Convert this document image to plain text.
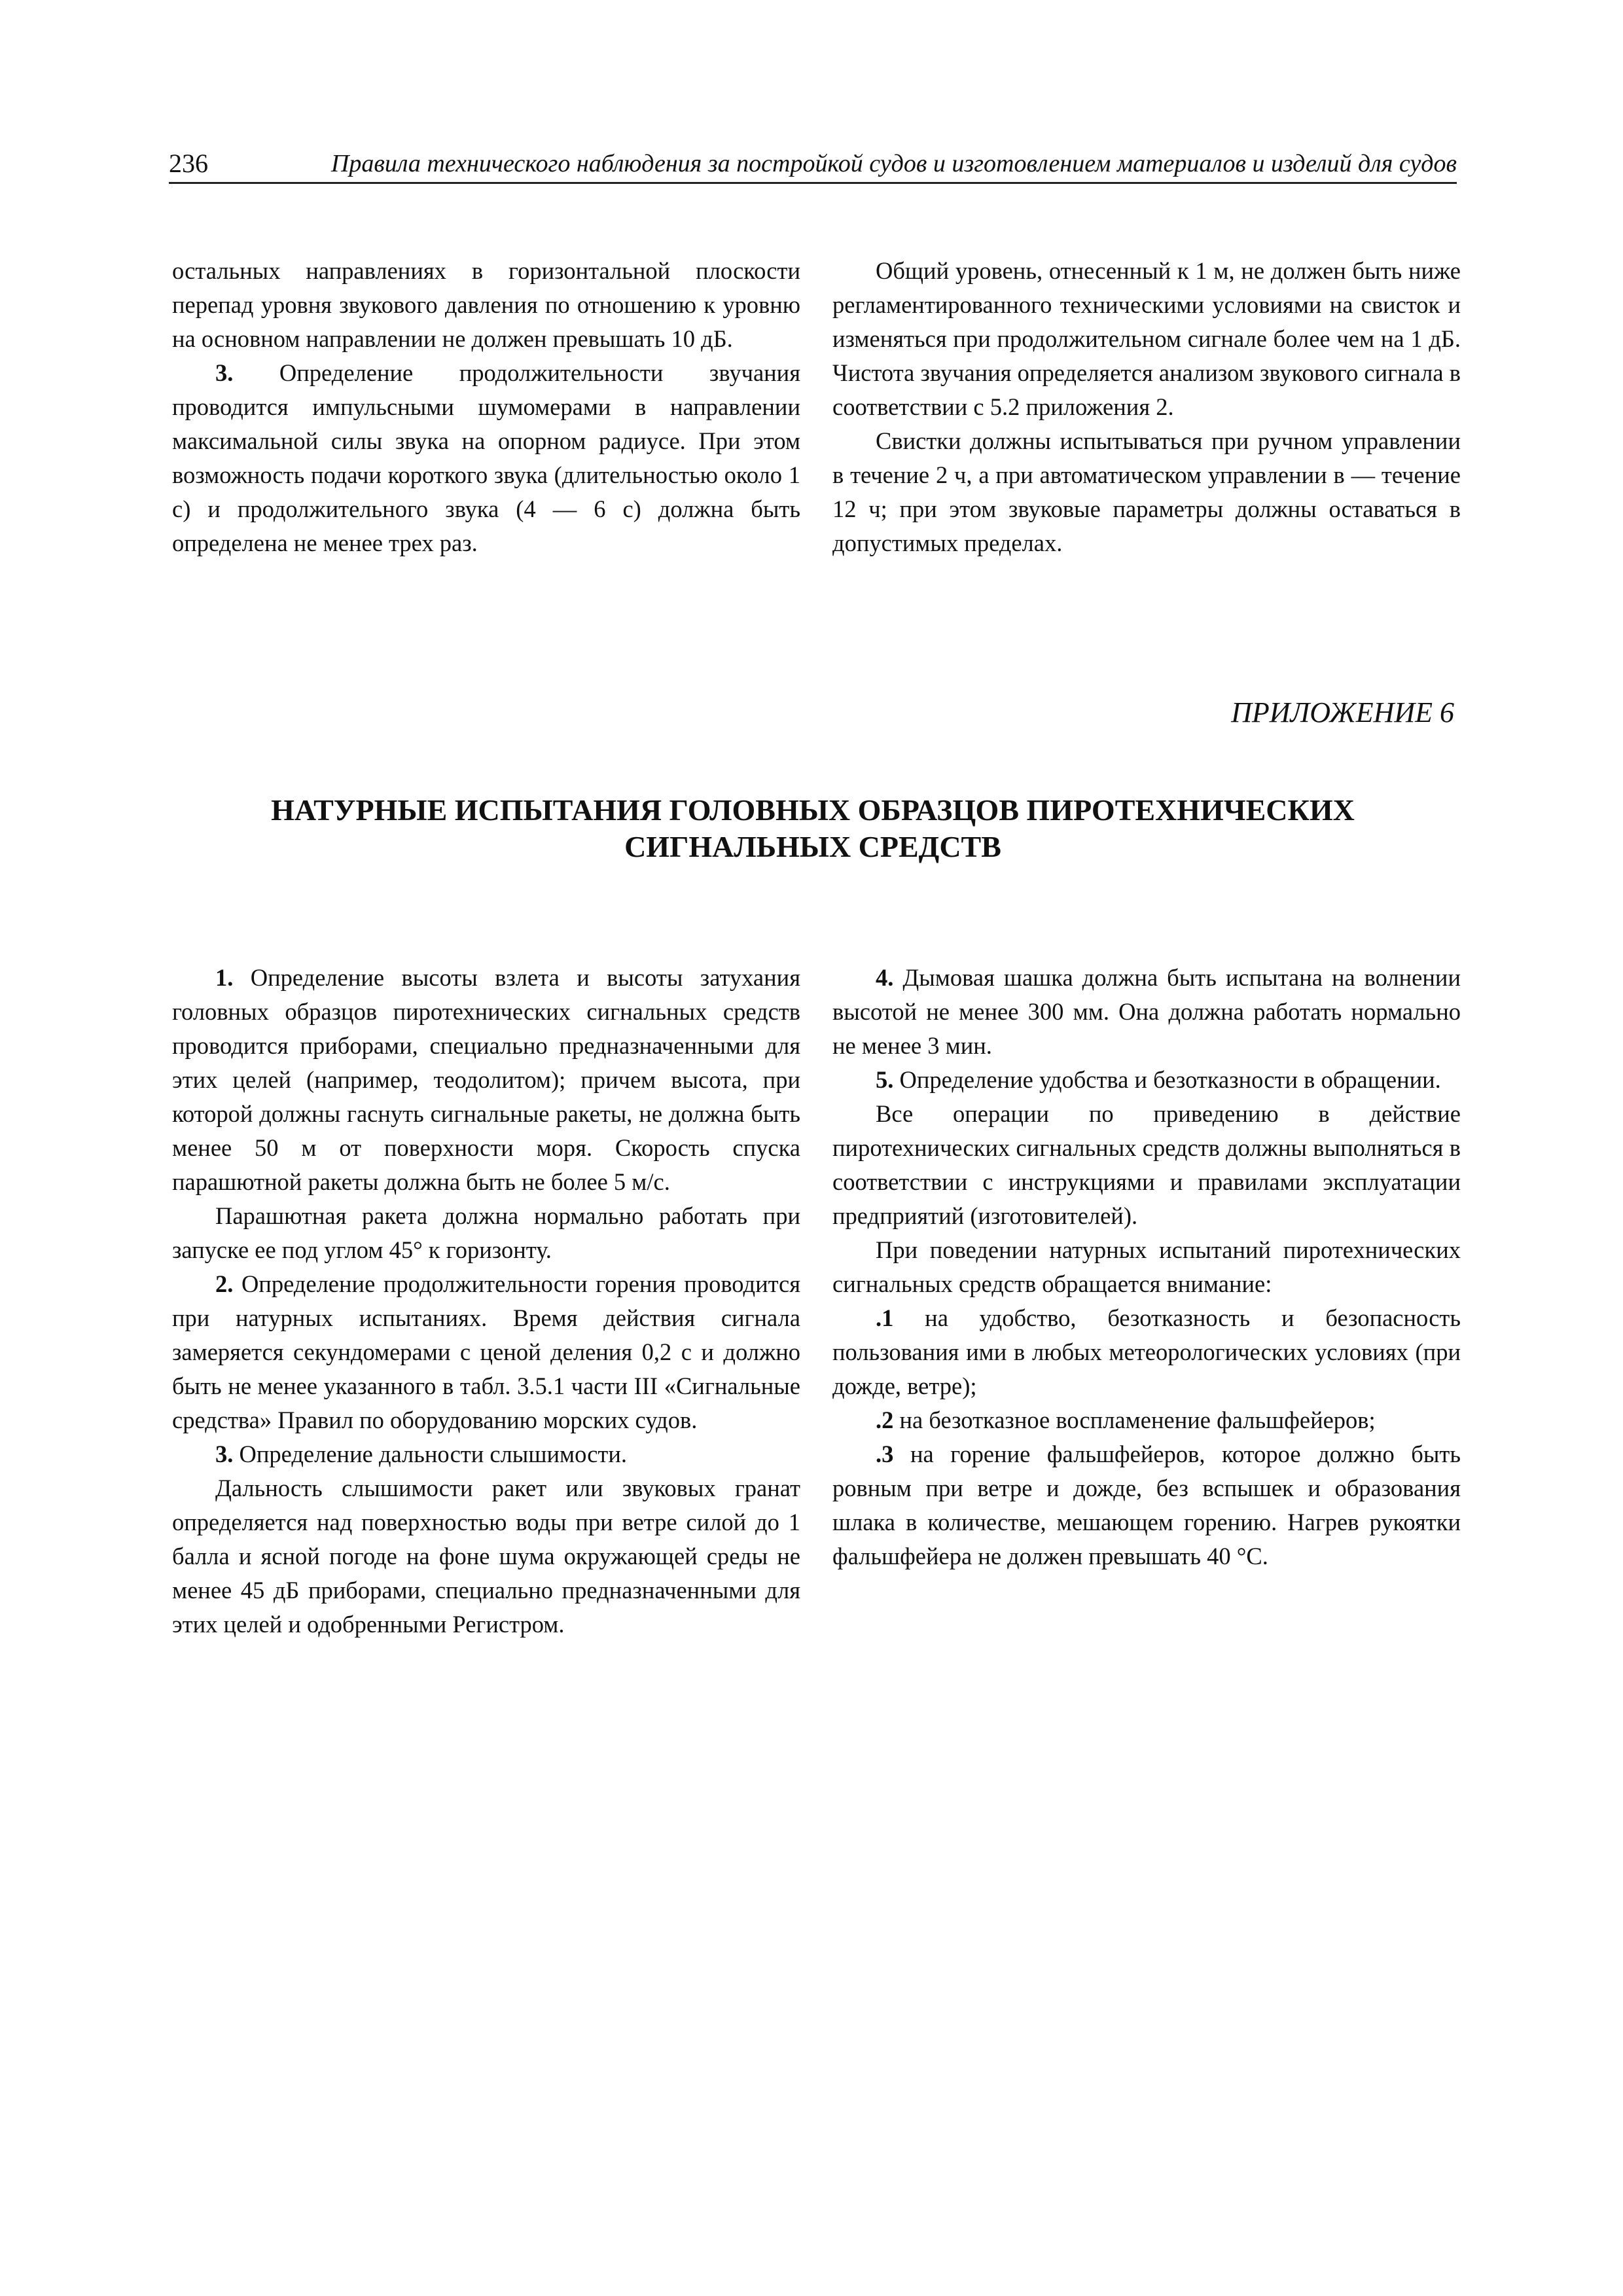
236	Правила технического наблюдения за постройкой судов и изготовлением материалов и изделий для судов

остальных направлениях в горизонтальной плоскости перепад уровня звукового давления по отношению к уровню на основном направлении не должен превышать 10 дБ.

3. Определение продолжительности звучания проводится импульсными шумомерами в направлении максимальной силы звука на опорном радиусе. При этом возможность подачи короткого звука (длительностью около 1 с) и продолжительного звука (4 — 6 с) должна быть определена не менее трех раз.

Общий уровень, отнесенный к 1 м, не должен быть ниже регламентированного техническими условиями на свисток и изменяться при продолжительном сигнале более чем на 1 дБ. Чистота звучания определяется анализом звукового сигнала в соответствии с 5.2 приложения 2.

Свистки должны испытываться при ручном управлении в течение 2 ч, а при автоматическом управлении в — течение 12 ч; при этом звуковые параметры должны оставаться в допустимых пределах.

ПРИЛОЖЕНИЕ 6
НАТУРНЫЕ ИСПЫТАНИЯ ГОЛОВНЫХ ОБРАЗЦОВ ПИРОТЕХНИЧЕСКИХ
СИГНАЛЬНЫХ СРЕДСТВ

1. Определение высоты взлета и высоты затухания головных образцов пиротехнических сигнальных средств проводится приборами, специально предназначенными для этих целей (например, теодолитом); причем высота, при которой должны гаснуть сигнальные ракеты, не должна быть менее 50 м от поверхности моря. Скорость спуска парашютной ракеты должна быть не более 5 м/с.

Парашютная ракета должна нормально работать при запуске ее под углом 45° к горизонту.

2. Определение продолжительности горения проводится при натурных испытаниях. Время действия сигнала замеряется секундомерами с ценой деления 0,2 с и должно быть не менее указанного в табл. 3.5.1 части III «Сигнальные средства» Правил по оборудованию морских судов.

3. Определение дальности слышимости.

Дальность слышимости ракет или звуковых гранат определяется над поверхностью воды при ветре силой до 1 балла и ясной погоде на фоне шума окружающей среды не менее 45 дБ приборами, специально предназначенными для этих целей и одобренными Регистром.

4. Дымовая шашка должна быть испытана на волнении высотой не менее 300 мм. Она должна работать нормально не менее 3 мин.

5. Определение удобства и безотказности в обращении.

Все операции по приведению в действие пиротехнических сигнальных средств должны выполняться в соответствии с инструкциями и правилами эксплуатации предприятий (изготовителей).

При поведении натурных испытаний пиротехнических сигнальных средств обращается внимание:

.1 на удобство, безотказность и безопасность пользования ими в любых метеорологических условиях (при дожде, ветре);

.2 на безотказное воспламенение фальшфейеров;

.3 на горение фальшфейеров, которое должно быть ровным при ветре и дожде, без вспышек и образования шлака в количестве, мешающем горению. Нагрев рукоятки фальшфейера не должен превышать 40 °С.
